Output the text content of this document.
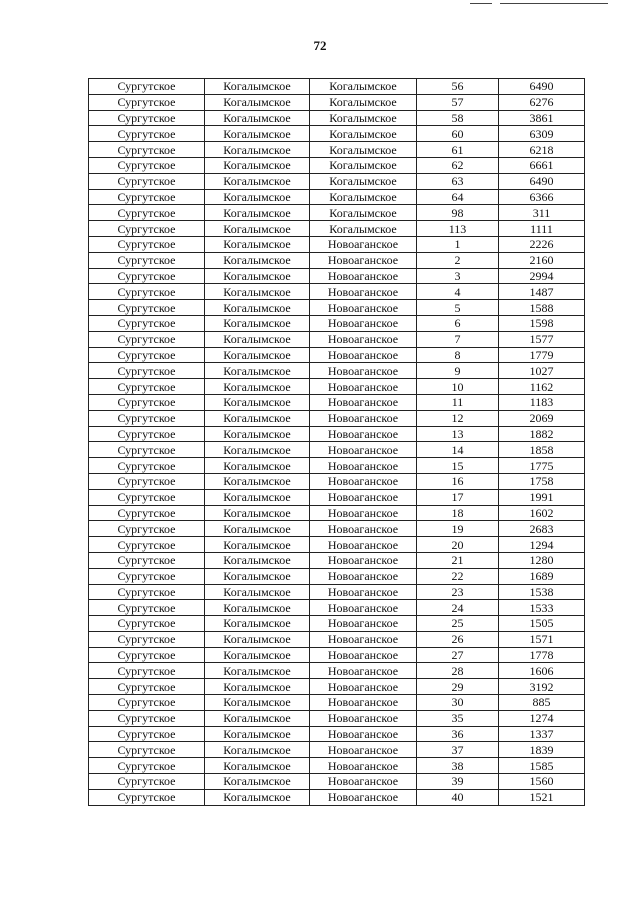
72
Сургутское	Когалымское	Когалымское	56	6490
Сургутское	Когалымское	Когалымское	57	6276
Сургутское	Когалымское	Когалымское	58	3861
Сургутское	Когалымское	Когалымское	60	6309
Сургутское	Когалымское	Когалымское	61	6218
Сургутское	Когалымское	Когалымское	62	6661
Сургутское	Когалымское	Когалымское	63	6490
Сургутское	Когалымское	Когалымское	64	6366
Сургутское	Когалымское	Когалымское	98	311
Сургутское	Когалымское	Когалымское	113	1111
Сургутское	Когалымское	Новоаганское	1	2226
Сургутское	Когалымское	Новоаганское	2	2160
Сургутское	Когалымское	Новоаганское	3	2994
Сургутское	Когалымское	Новоаганское	4	1487
Сургутское	Когалымское	Новоаганское	5	1588
Сургутское	Когалымское	Новоаганское	6	1598
Сургутское	Когалымское	Новоаганское	7	1577
Сургутское	Когалымское	Новоаганское	8	1779
Сургутское	Когалымское	Новоаганское	9	1027
Сургутское	Когалымское	Новоаганское	10	1162
Сургутское	Когалымское	Новоаганское	11	1183
Сургутское	Когалымское	Новоаганское	12	2069
Сургутское	Когалымское	Новоаганское	13	1882
Сургутское	Когалымское	Новоаганское	14	1858
Сургутское	Когалымское	Новоаганское	15	1775
Сургутское	Когалымское	Новоаганское	16	1758
Сургутское	Когалымское	Новоаганское	17	1991
Сургутское	Когалымское	Новоаганское	18	1602
Сургутское	Когалымское	Новоаганское	19	2683
Сургутское	Когалымское	Новоаганское	20	1294
Сургутское	Когалымское	Новоаганское	21	1280
Сургутское	Когалымское	Новоаганское	22	1689
Сургутское	Когалымское	Новоаганское	23	1538
Сургутское	Когалымское	Новоаганское	24	1533
Сургутское	Когалымское	Новоаганское	25	1505
Сургутское	Когалымское	Новоаганское	26	1571
Сургутское	Когалымское	Новоаганское	27	1778
Сургутское	Когалымское	Новоаганское	28	1606
Сургутское	Когалымское	Новоаганское	29	3192
Сургутское	Когалымское	Новоаганское	30	885
Сургутское	Когалымское	Новоаганское	35	1274
Сургутское	Когалымское	Новоаганское	36	1337
Сургутское	Когалымское	Новоаганское	37	1839
Сургутское	Когалымское	Новоаганское	38	1585
Сургутское	Когалымское	Новоаганское	39	1560
Сургутское	Когалымское	Новоаганское	40	1521
